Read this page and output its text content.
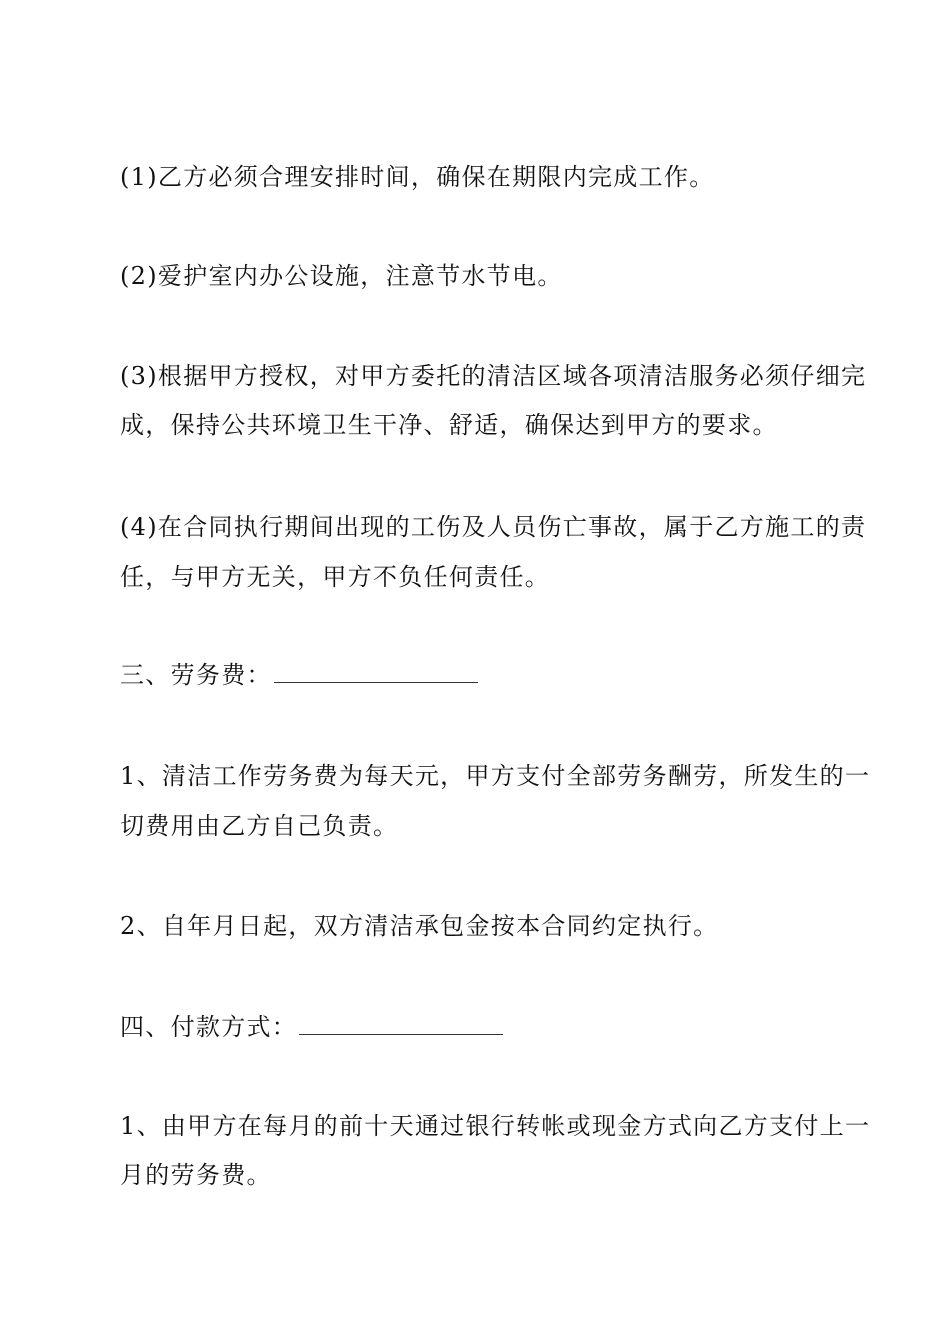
(1)乙方必须合理安排时间，确保在期限内完成工作。
(2)爱护室内办公设施，注意节水节电。
(3)根据甲方授权，对甲方委托的清洁区域各项清洁服务必须仔细完
成，保持公共环境卫生干净、舒适，确保达到甲方的要求。
(4)在合同执行期间出现的工伤及人员伤亡事故，属于乙方施工的责
任，与甲方无关，甲方不负任何责任。
三、劳务费：
1、清洁工作劳务费为每天元，甲方支付全部劳务酬劳，所发生的一
切费用由乙方自己负责。
2、自年月日起，双方清洁承包金按本合同约定执行。
四、付款方式：
1、由甲方在每月的前十天通过银行转帐或现金方式向乙方支付上一
月的劳务费。
